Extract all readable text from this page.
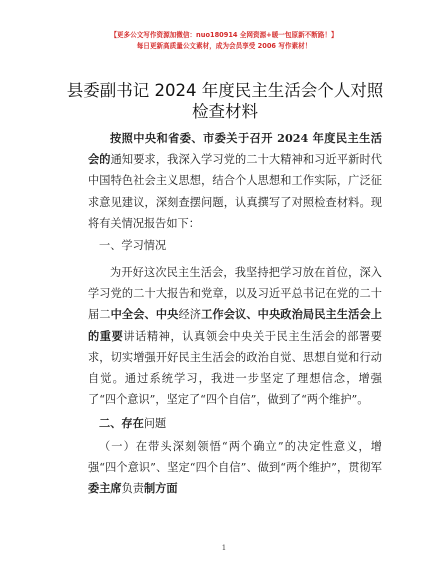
【更多公文写作资源加微信：nuo180914 全网资源+暖一包原新不断路！】
每日更新高质量公文素材，成为会员享受 2006 写作素材！
县委副书记 2024 年度民主生活会个人对照检查材料
按照中央和省委、市委关于召开 2024 年度民主生活会的通知要求，我深入学习党的二十大精神和习近平新时代中国特色社会主义思想，结合个人思想和工作实际，广泛征求意见建议，深刻查摆问题，认真撰写了对照检查材料。现将有关情况报告如下：
一、学习情况
为开好这次民主生活会，我坚持把学习放在首位，深入学习党的二十大报告和党章，以及习近平总书记在党的二十届二中全会、中央经济工作会议、中央政治局民主生活会上的重要讲话精神，认真领会中央关于民主生活会的部署要求，切实增强开好民主生活会的政治自觉、思想自觉和行动自觉。通过系统学习，我进一步坚定了理想信念，增强了“四个意识”，坚定了“四个自信”，做到了“两个维护”。
二、存在问题
（一）在带头深刻领悟“两个确立”的决定性意义，增强“四个意识”、坚定“四个自信”、做到“两个维护”，贯彻军委主席负责制方面
1
